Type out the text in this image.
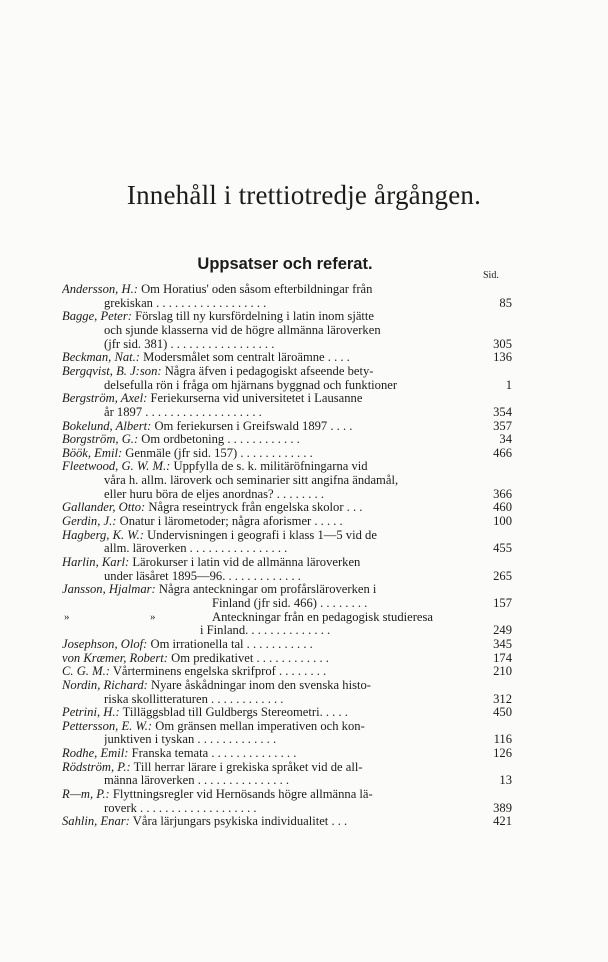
Innehåll i trettiotredje årgången.
Uppsatser och referat.
Sid.
Andersson, H.: Om Horatius' oden såsom efterbildningar från
grekiskan . . . . . . . . . . . . . . . . . .	85
Bagge, Peter: Förslag till ny kursfördelning i latin inom sjätte
och sjunde klasserna vid de högre allmänna läroverken
(jfr sid. 381) . . . . . . . . . . . . . . . . .	305
Beckman, Nat.: Modersmålet som centralt läroämne . . . .	136
Bergqvist, B. J:son: Några äfven i pedagogiskt afseende bety-
delsefulla rön i fråga om hjärnans byggnad och funktioner	1
Bergström, Axel: Feriekurserna vid universitetet i Lausanne
år 1897 . . . . . . . . . . . . . . . . . . .	354
Bokelund, Albert: Om feriekursen i Greifswald 1897 . . . .	357
Borgström, G.: Om ordbetoning . . . . . . . . . . . .	34
Böök, Emil: Genmäle (jfr sid. 157) . . . . . . . . . . . .	466
Fleetwood, G. W. M.: Uppfylla de s. k. militäröfningarna vid
våra h. allm. läroverk och seminarier sitt angifna ändamål,
eller huru böra de eljes anordnas? . . . . . . . .	366
Gallander, Otto: Några reseintryck från engelska skolor . . .	460
Gerdin, J.: Onatur i lärometoder; några aforismer . . . . .	100
Hagberg, K. W.: Undervisningen i geografi i klass 1—5 vid de
allm. läroverken . . . . . . . . . . . . . . . .	455
Harlin, Karl: Lärokurser i latin vid de allmänna läroverken
under läsåret 1895—96. . . . . . . . . . . . .	265
Jansson, Hjalmar: Några anteckningar om profårsläroverken i
Finland (jfr sid. 466) . . . . . . . .	157
»	»	Anteckningar från en pedagogisk studieresa
i Finland. . . . . . . . . . . . . .	249
Josephson, Olof: Om irrationella tal . . . . . . . . . . .	345
von Kræmer, Robert: Om predikativet . . . . . . . . . . . .	174
C. G. M.: Vårterminens engelska skrifprof . . . . . . . .	210
Nordin, Richard: Nyare åskådningar inom den svenska histo-
riska skollitteraturen . . . . . . . . . . . .	312
Petrini, H.: Tilläggsblad till Guldbergs Stereometri. . . . .	450
Pettersson, E. W.: Om gränsen mellan imperativen och kon-
junktiven i tyskan . . . . . . . . . . . . .	116
Rodhe, Emil: Franska temata . . . . . . . . . . . . . .	126
Rödström, P.: Till herrar lärare i grekiska språket vid de all-
männa läroverken . . . . . . . . . . . . . . .	13
R—m, P.: Flyttningsregler vid Hernösands högre allmänna lä-
roverk . . . . . . . . . . . . . . . . . . .	389
Sahlin, Enar: Våra lärjungars psykiska individualitet . . .	421
